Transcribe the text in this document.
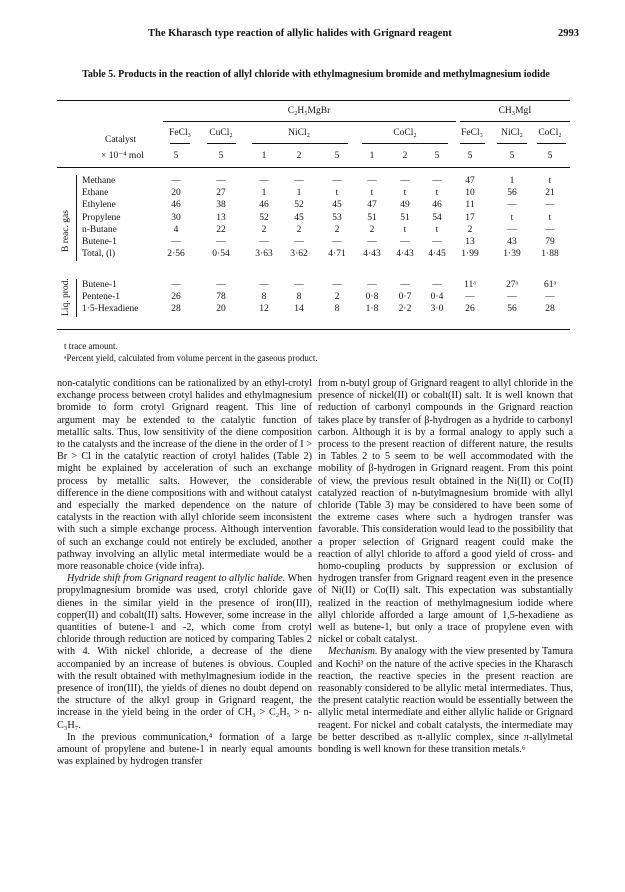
The Kharasch type reaction of allylic halides with Grignard reagent	2993
Table 5. Products in the reaction of allyl chloride with ethylmagnesium bromide and methylmagnesium iodide
C₂H₅MgBr	CH₃MgI
FeCl₃ CuCl₂	NiCl₂	CoCl₂	FeCl₃ NiCl₂ CoCl₂
Catalyst
× 10⁻⁴ mol	5	5	1	2	5	1	2	5	5	5	5
Methane	—	—	—	—	—	— — — 47	1	t
Ethane	20	27	1	1	t	t	t	t	10	56	21
Ethylene	46	38	46	52	45	47 49 46 11	—	—
Propylene	30	13	52	45	53	51 51 54 17	t	t
n-Butane	4	22	2	2	2	2	t	t	2	—	—
Butene-1	—	—	—	—	—	— — — 13	43	79
Total, (l)	2·56	0·54	3·63 3·62 4·71 4·43 4·43 4·45 1·99	1·39 1·88
B reac. gas
Butene-1	—	—	—	—	—	— — — 11ᵃ	27ᵃ	61ᵃ
Pentene-1	26	78	8	8	2	0·8 0·7 0·4 —	—	—
1·5-Hexadiene	28	20	12	14	8	1·8 2·2 3·0 26	56	28
Liq. prod.
t trace amount.
ᵃPercent yield, calculated from volume percent in the gaseous product.

non-catalytic conditions can be rationalized by an ethyl-crotyl exchange process between crotyl halides and ethylmagnesium bromide to form crotyl Grignard reagent. This line of argument may be extended to the catalytic function of metallic salts. Thus, low sensitivity of the diene composition to the catalysts and the increase of the diene in the order of I > Br > Cl in the catalytic reaction of crotyl halides (Table 2) might be explained by acceleration of such an exchange process by metallic salts. However, the considerable difference in the diene compositions with and without catalyst and especially the marked dependence on the nature of catalysts in the reaction with allyl chloride seem inconsistent with such a simple exchange process. Although intervention of such an exchange could not entirely be excluded, another pathway involving an allylic metal intermediate would be a more reasonable choice (vide infra).

Hydride shift from Grignard reagent to allylic halide. When propylmagnesium bromide was used, crotyl chloride gave dienes in the similar yield in the presence of iron(III), copper(II) and cobalt(II) salts. However, some increase in the quantities of butene-1 and -2, which come from crotyl chloride through reduction are noticed by comparing Tables 2 with 4. With nickel chloride, a decrease of the diene accompanied by an increase of butenes is obvious. Coupled with the result obtained with methylmagnesium iodide in the presence of iron(III), the yields of dienes no doubt depend on the structure of the alkyl group in Grignard reagent, the increase in the yield being in the order of CH₃ > C₂H₅ > n-C₃H₇.

In the previous communication,⁴ formation of a large amount of propylene and butene-1 in nearly equal amounts was explained by hydrogen transfer

from n-butyl group of Grignard reagent to allyl chloride in the presence of nickel(II) or cobalt(II) salt. It is well known that reduction of carbonyl compounds in the Grignard reaction takes place by transfer of β-hydrogen as a hydride to carbonyl carbon. Although it is by a formal analogy to apply such a process to the present reaction of different nature, the results in Tables 2 to 5 seem to be well accommodated with the mobility of β-hydrogen in Grignard reagent. From this point of view, the previous result obtained in the Ni(II) or Co(II) catalyzed reaction of n-butylmagnesium bromide with allyl chloride (Table 3) may be considered to have been some of the extreme cases where such a hydrogen transfer was favorable. This consideration would lead to the possibility that a proper selection of Grignard reagent could make the reaction of allyl chloride to afford a good yield of cross- and homo-coupling products by suppression or exclusion of hydrogen transfer from Grignard reagent even in the presence of Ni(II) or Co(II) salt. This expectation was substantially realized in the reaction of methylmagnesium iodide where allyl chloride afforded a large amount of 1,5-hexadiene as well as butene-1, but only a trace of propylene even with nickel or cobalt catalyst.

Mechanism. By analogy with the view presented by Tamura and Kochi³ on the nature of the active species in the Kharasch reaction, the reactive species in the present reaction are reasonably considered to be allylic metal intermediates. Thus, the present catalytic reaction would be essentially between the allylic metal intermediate and either allylic halide or Grignard reagent. For nickel and cobalt catalysts, the intermediate may be better described as π-allylic complex, since π-allylmetal bonding is well known for these transition metals.⁶
